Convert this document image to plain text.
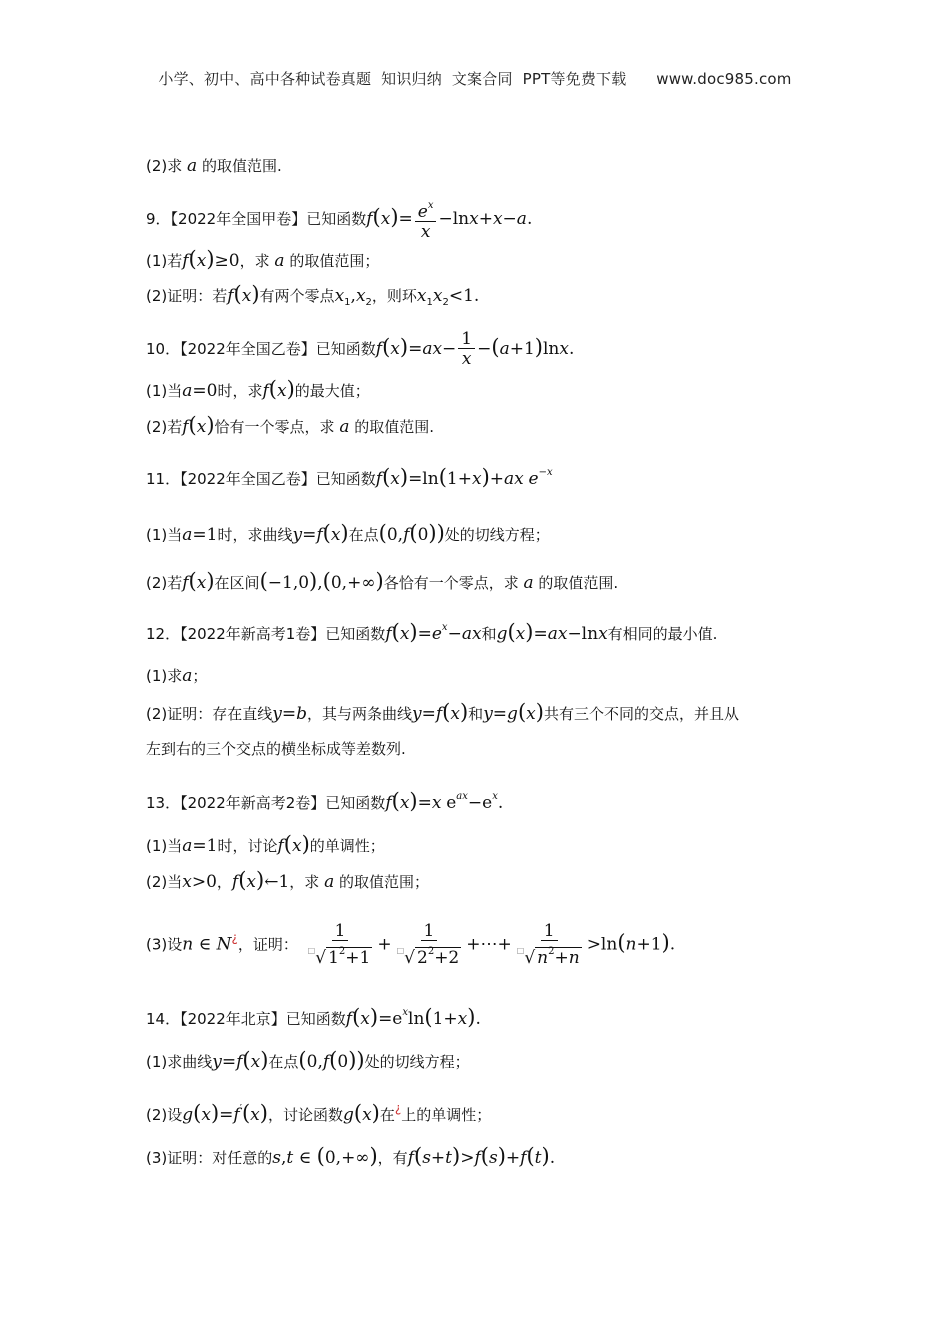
小学、初中、高中各种试卷真题  知识归纳  文案合同  PPT等免费下载      www.doc985.com
(2)求 a 的取值范围.
9．【2022年全国甲卷】已知函数$f(x)= \frac{e^x}{x} -\ln x+x-a$.
(1)若f(x)≥0，求 a 的取值范围；
(2)证明：若f(x)有两个零点$x_1,x_2$，则环$x_1x_2<1$.
10．【2022年全国乙卷】已知函数$f(x)=ax- \frac{1}{x} -(a+1)\ln x$.
(1)当a=0时，求f(x)的最大值；
(2)若f(x)恰有一个零点，求 a 的取值范围.
11．【2022年全国乙卷】已知函数f(x)=ln(1+x)+ax $e^{-x}$
(1)当a=1时，求曲线y=f(x)在点(0,f(0))处的切线方程；
(2)若f(x)在区间(−1,0),(0,+∞)各恰有一个零点，求 a 的取值范围.
12．【2022年新高考1卷】已知函数$f(x)=e^x-ax$和g(x)=ax−lnx有相同的最小值.
(1)求a；
(2)证明：存在直线y=b，其与两条曲线y=f(x)和y=g(x)共有三个不同的交点，并且从
左到右的三个交点的横坐标成等差数列.
13．【2022年新高考2卷】已知函数f(x)=x $e^{ax}-e^x$.
(1)当a=1时，讨论f(x)的单调性；
(2)当x>0，f(x)←1，求 a 的取值范围；
(3)设n ∈ N¿，证明： $\frac{1}{^□√ 1^2+1} + \frac{1}{^□√ 2^2+2}$ +⋯+ $\frac{1}{^□√ n^2+n} >\ln(n+1)$.
14．【2022年北京】已知函数$f(x)=e^x\ln(1+x)$.
(1)求曲线y=f(x)在点(0,f(0))处的切线方程；
(2)设g(x)=f′(x)，讨论函数g(x)在¿上的单调性；
(3)证明：对任意的s,t ∈ (0,+∞)，有f(s+t)>f(s)+f(t).
